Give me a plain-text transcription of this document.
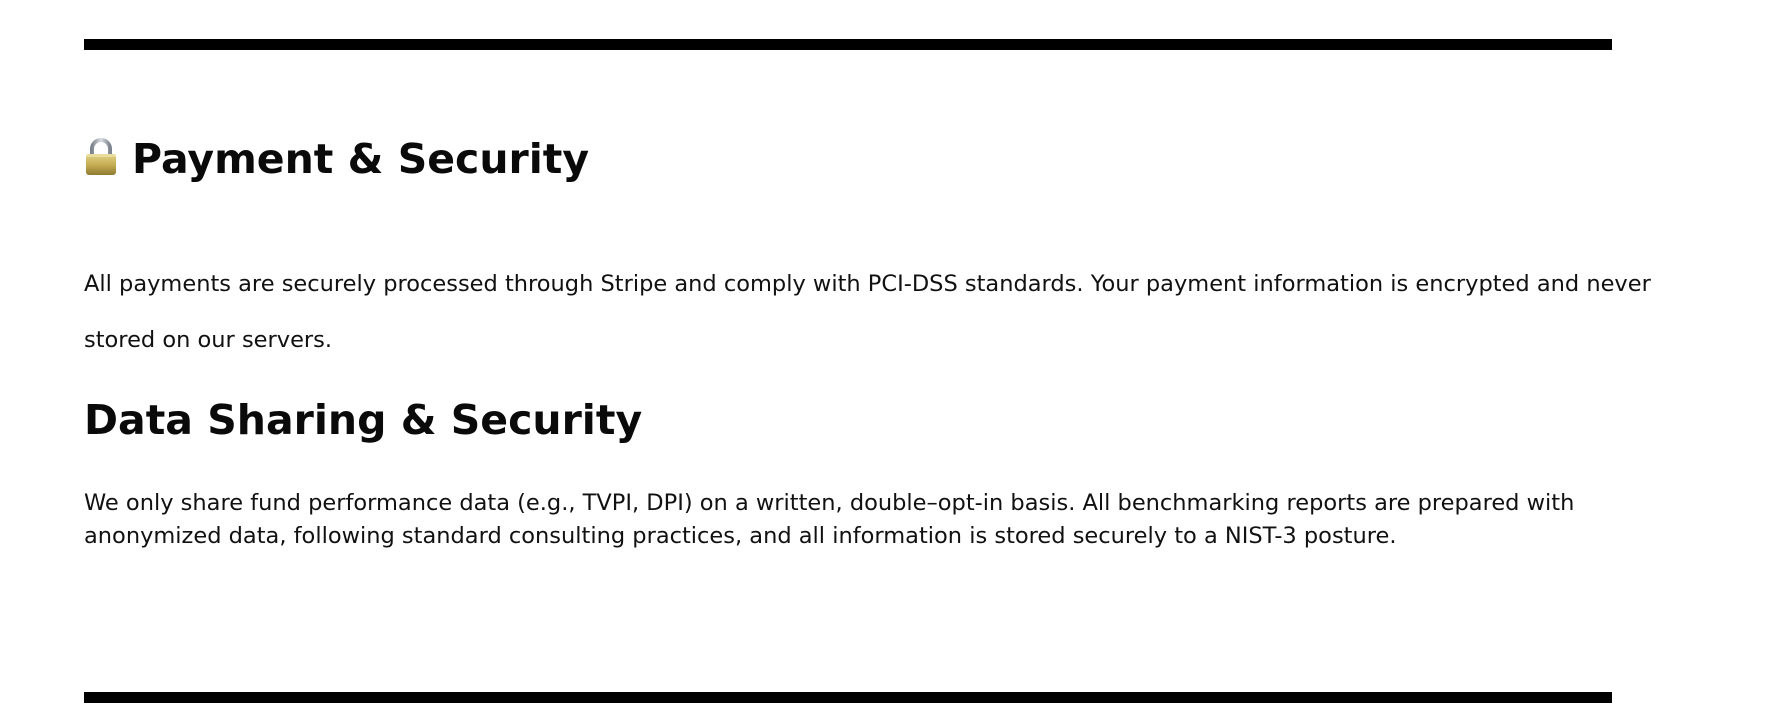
Payment & Security

All payments are securely processed through Stripe and comply with PCI-DSS standards. Your payment information is encrypted and never
stored on our servers.

Data Sharing & Security

We only share fund performance data (e.g., TVPI, DPI) on a written, double–opt-in basis. All benchmarking reports are prepared with
anonymized data, following standard consulting practices, and all information is stored securely to a NIST-3 posture.
